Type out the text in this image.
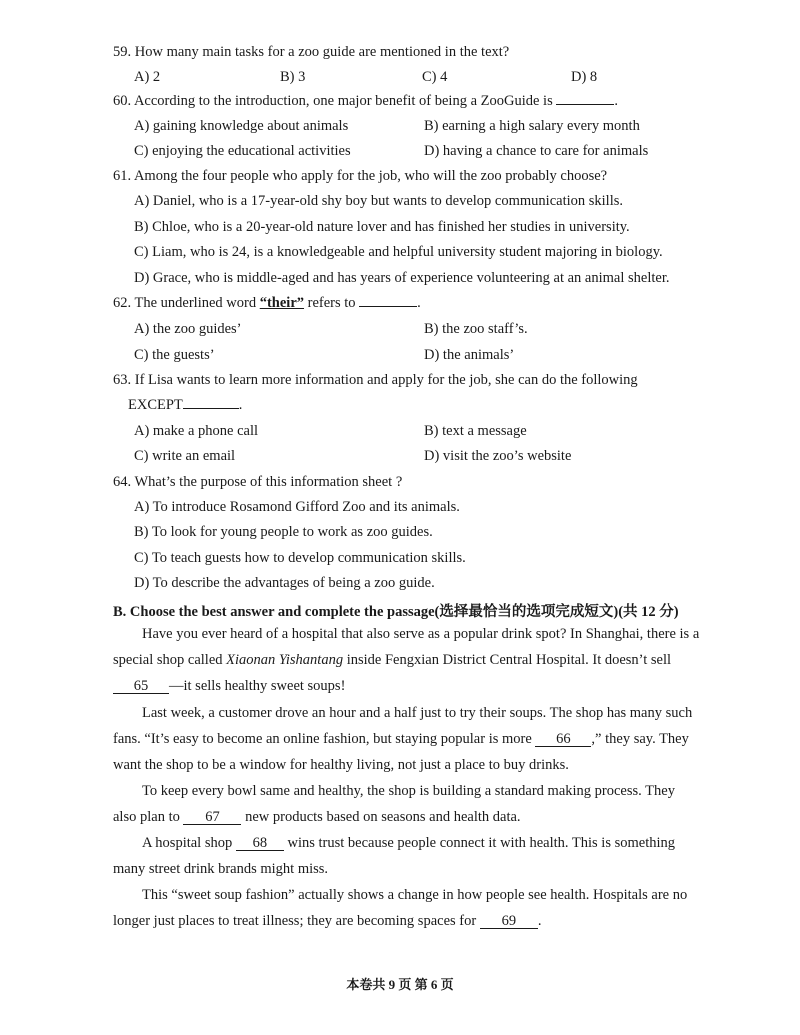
59. How many main tasks for a zoo guide are mentioned in the text?
A) 2	B) 3	C) 4	D) 8
60. According to the introduction, one major benefit of being a ZooGuide is	.
A) gaining knowledge about animals	B) earning a high salary every month
C) enjoying the educational activities	D) having a chance to care for animals
61. Among the four people who apply for the job, who will the zoo probably choose?
A) Daniel, who is a 17-year-old shy boy but wants to develop communication skills.
B) Chloe, who is a 20-year-old nature lover and has finished her studies in university.
C) Liam, who is 24, is a knowledgeable and helpful university student majoring in biology.
D) Grace, who is middle-aged and has years of experience volunteering at an animal shelter.
62. The underlined word “their” refers to	.
A) the zoo guides’	B) the zoo staff’s.
C) the guests’	D) the animals’
63. If Lisa wants to learn more information and apply for the job, she can do the following
EXCEPT	.
A) make a phone call	B) text a message
C) write an email	D) visit the zoo’s website
64. What’s the purpose of this information sheet ?
A) To introduce Rosamond Gifford Zoo and its animals.
B) To look for young people to work as zoo guides.
C) To teach guests how to develop communication skills.
D) To describe the advantages of being a zoo guide.
B. Choose the best answer and complete the passage(选择最恰当的选项完成短文)(共 12 分)
Have you ever heard of a hospital that also serve as a popular drink spot? In Shanghai, there is a
special shop called Xiaonan Yishantang inside Fengxian District Central Hospital. It doesn’t sell
65 —it sells healthy sweet soups!
Last week, a customer drove an hour and a half just to try their soups. The shop has many such
fans. “It’s easy to become an online fashion, but staying popular is more 66 ,” they say. They
want the shop to be a window for healthy living, not just a place to buy drinks.
To keep every bowl same and healthy, the shop is building a standard making process. They
also plan to 67 new products based on seasons and health data.
A hospital shop 68 wins trust because people connect it with health. This is something
many street drink brands might miss.
This “sweet soup fashion” actually shows a change in how people see health. Hospitals are no
longer just places to treat illness; they are becoming spaces for 69 .
本卷共 9 页 第 6 页
